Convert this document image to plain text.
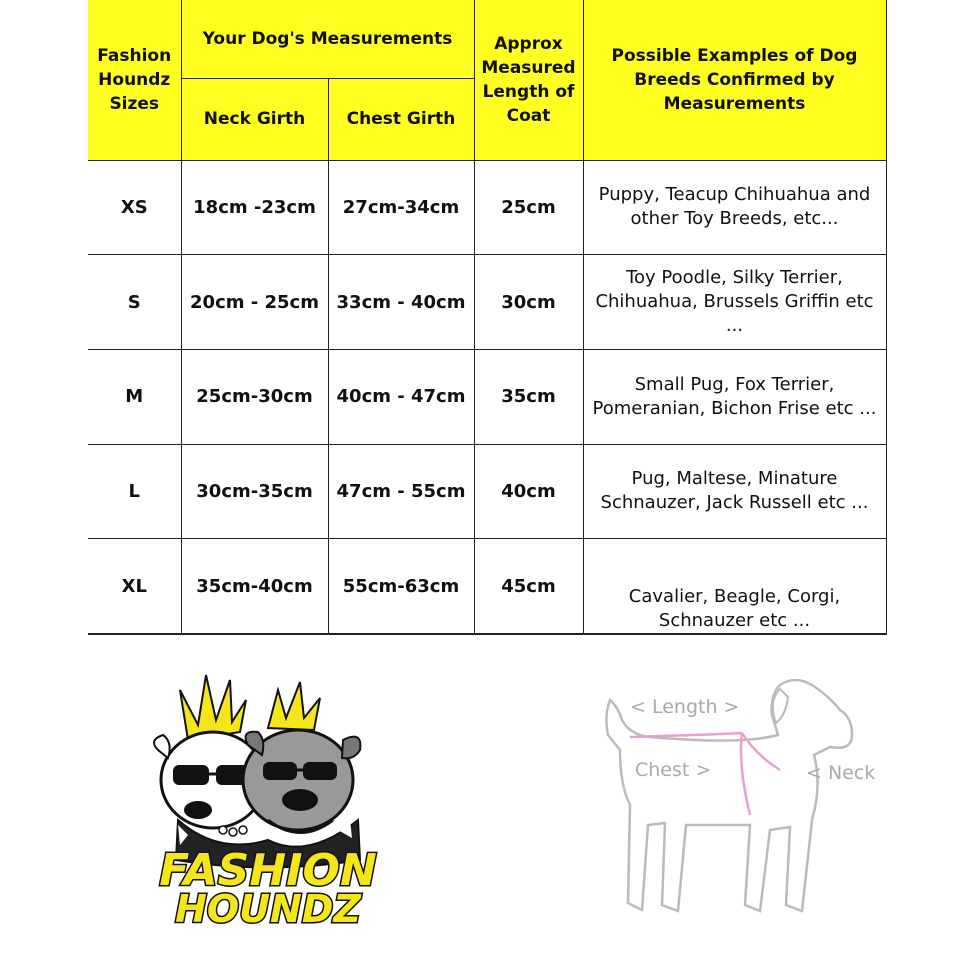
Fashion Houndz Sizes	Your Dog's Measurements		Approx Measured Length of Coat	Possible Examples of Dog Breeds Confirmed by Measurements
	Neck Girth	Chest Girth		
XS	18cm -23cm	27cm-34cm	25cm	Puppy, Teacup Chihuahua and other Toy Breeds, etc...
S	20cm - 25cm	33cm - 40cm	30cm	Toy Poodle, Silky Terrier, Chihuahua, Brussels Griffin etc ...
M	25cm-30cm	40cm - 47cm	35cm	Small Pug, Fox Terrier, Pomeranian, Bichon Frise etc ...
L	30cm-35cm	47cm - 55cm	40cm	Pug, Maltese, Minature Schnauzer, Jack Russell etc ...
XL	35cm-40cm	55cm-63cm	45cm	Cavalier, Beagle, Corgi, Schnauzer etc ...
FASHION
HOUNDZ
< Length >
Chest >	< Neck
